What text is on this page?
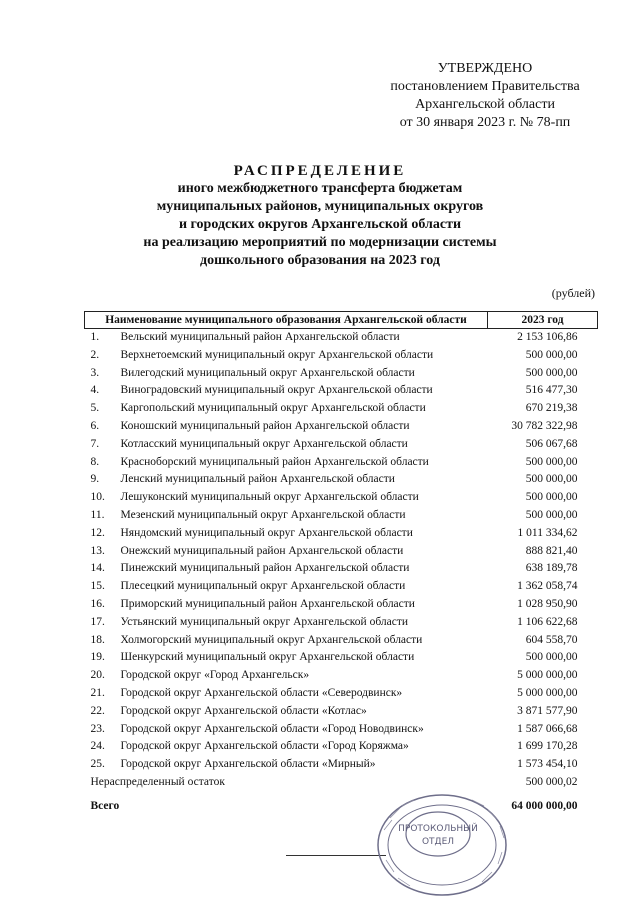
УТВЕРЖДЕНО
постановлением Правительства
Архангельской области
от 30 января 2023 г. № 78-пп
РАСПРЕДЕЛЕНИЕ
иного межбюджетного трансферта бюджетам
муниципальных районов, муниципальных округов
и городских округов Архангельской области
на реализацию мероприятий по модернизации системы
дошкольного образования на 2023 год
(рублей)
Наименование муниципального образования Архангельской области		2023 год
1.	Вельский муниципальный район Архангельской области	2 153 106,86
2.	Верхнетоемский муниципальный округ Архангельской области	500 000,00
3.	Вилегодский муниципальный округ Архангельской области	500 000,00
4.	Виноградовский муниципальный округ Архангельской области	516 477,30
5.	Каргопольский муниципальный округ Архангельской области	670 219,38
6.	Коношский муниципальный район Архангельской области	30 782 322,98
7.	Котласский муниципальный округ Архангельской области	506 067,68
8.	Красноборский муниципальный район Архангельской области	500 000,00
9.	Ленский муниципальный район Архангельской области	500 000,00
10.	Лешуконский муниципальный округ Архангельской области	500 000,00
11.	Мезенский муниципальный округ Архангельской области	500 000,00
12.	Няндомский муниципальный округ Архангельской области	1 011 334,62
13.	Онежский муниципальный район Архангельской области	888 821,40
14.	Пинежский муниципальный район Архангельской области	638 189,78
15.	Плесецкий муниципальный округ Архангельской области	1 362 058,74
16.	Приморский муниципальный район Архангельской области	1 028 950,90
17.	Устьянский муниципальный округ Архангельской области	1 106 622,68
18.	Холмогорский муниципальный округ Архангельской области	604 558,70
19.	Шенкурский муниципальный округ Архангельской области	500 000,00
20.	Городской округ «Город Архангельск»	5 000 000,00
21.	Городской округ Архангельской области «Северодвинск»	5 000 000,00
22.	Городской округ Архангельской области «Котлас»	3 871 577,90
23.	Городской округ Архангельской области «Город Новодвинск»	1 587 066,68
24.	Городской округ Архангельской области «Город Коряжма»	1 699 170,28
25.	Городской округ Архангельской области «Мирный»	1 573 454,10
Нераспределенный остаток		500 000,02
Всего		64 000 000,00
ПРОТОКОЛЬНЫЙ
ОТДЕЛ
